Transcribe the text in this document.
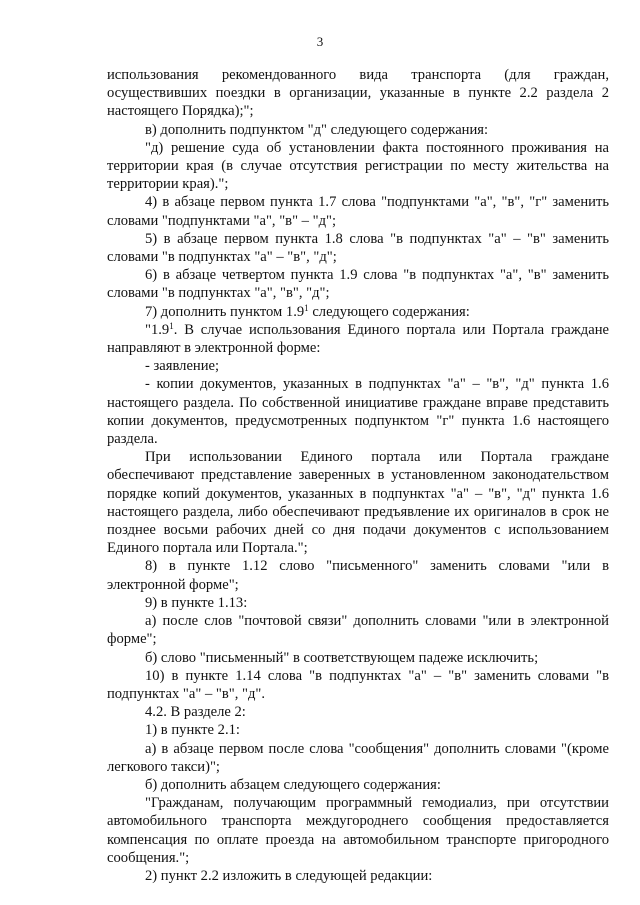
3

использования рекомендованного вида транспорта (для граждан, осуществивших поездки в организации, указанные в пункте 2.2 раздела 2 настоящего Порядка);";

в) дополнить подпунктом "д" следующего содержания:

"д) решение суда об установлении факта постоянного проживания на территории края (в случае отсутствия регистрации по месту жительства на территории края).";

4) в абзаце первом пункта 1.7 слова "подпунктами "а", "в", "г" заменить словами "подпунктами "а", "в" – "д";

5) в абзаце первом пункта 1.8 слова "в подпунктах "а" – "в" заменить словами "в подпунктах "а" – "в", "д";

6) в абзаце четвертом пункта 1.9 слова "в подпунктах "а", "в" заменить словами "в подпунктах "а", "в", "д";

7) дополнить пунктом $1.9^1$ следующего содержания:

"$1.9^1$. В случае использования Единого портала или Портала граждане направляют в электронной форме:

- заявление;

- копии документов, указанных в подпунктах "а" – "в", "д" пункта 1.6 настоящего раздела. По собственной инициативе граждане вправе представить копии документов, предусмотренных подпунктом "г" пункта 1.6 настоящего раздела.

При использовании Единого портала или Портала граждане обеспечивают представление заверенных в установленном законодательством порядке копий документов, указанных в подпунктах "а" – "в", "д" пункта 1.6 настоящего раздела, либо обеспечивают предъявление их оригиналов в срок не позднее восьми рабочих дней со дня подачи документов с использованием Единого портала или Портала.";

8) в пункте 1.12 слово "письменного" заменить словами "или в электронной форме";

9) в пункте 1.13:

а) после слов "почтовой связи" дополнить словами "или в электронной форме";

б) слово "письменный" в соответствующем падеже исключить;

10) в пункте 1.14 слова "в подпунктах "а" – "в" заменить словами "в подпунктах "а" – "в", "д".

4.2. В разделе 2:

1) в пункте 2.1:

а) в абзаце первом после слова "сообщения" дополнить словами "(кроме легкового такси)";

б) дополнить абзацем следующего содержания:

"Гражданам, получающим программный гемодиализ, при отсутствии автомобильного транспорта междугороднего сообщения предоставляется компенсация по оплате проезда на автомобильном транспорте пригородного сообщения.";

2) пункт 2.2 изложить в следующей редакции:
